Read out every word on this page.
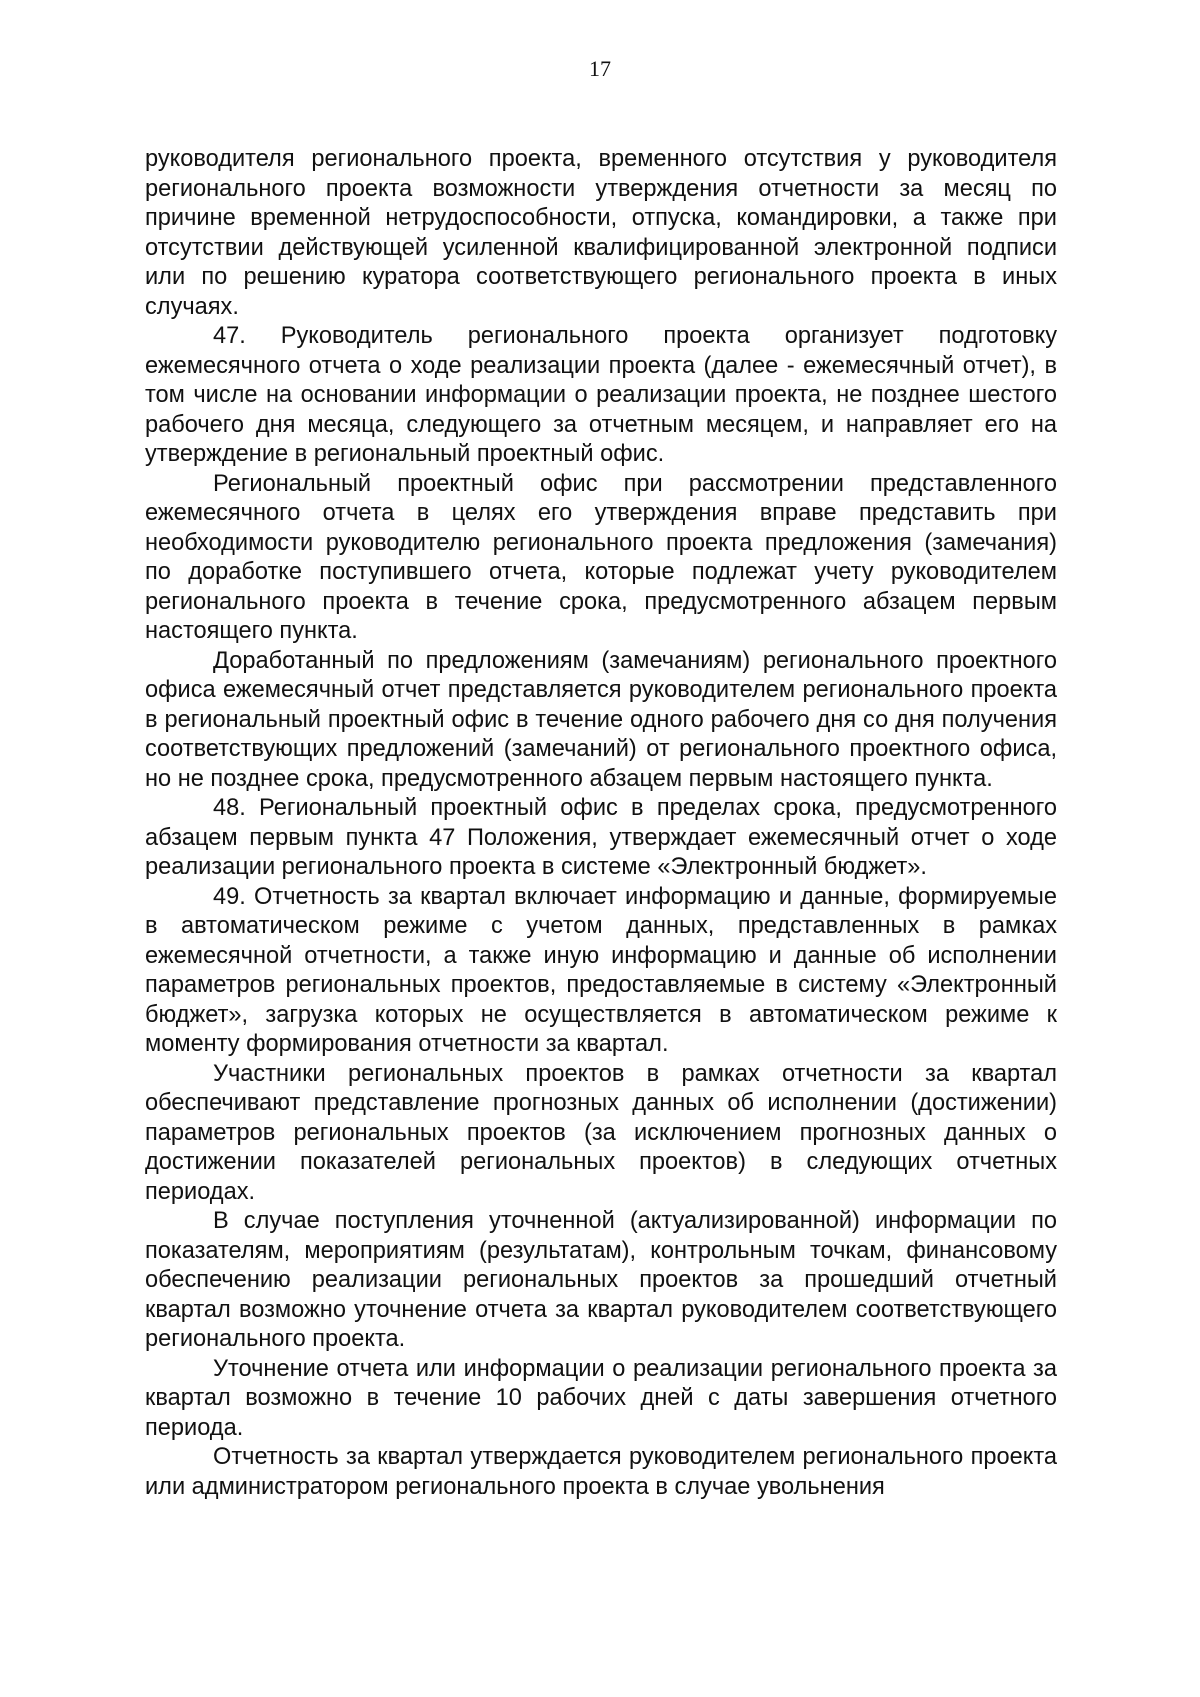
17

руководителя регионального проекта, временного отсутствия у руководителя регионального проекта возможности утверждения отчетности за месяц по причине временной нетрудоспособности, отпуска, командировки, а также при отсутствии действующей усиленной квалифицированной электронной подписи или по решению куратора соответствующего регионального проекта в иных случаях.

47. Руководитель регионального проекта организует подготовку ежемесячного отчета о ходе реализации проекта (далее - ежемесячный отчет), в том числе на основании информации о реализации проекта, не позднее шестого рабочего дня месяца, следующего за отчетным месяцем, и направляет его на утверждение в региональный проектный офис.

Региональный проектный офис при рассмотрении представленного ежемесячного отчета в целях его утверждения вправе представить при необходимости руководителю регионального проекта предложения (замечания) по доработке поступившего отчета, которые подлежат учету руководителем регионального проекта в течение срока, предусмотренного абзацем первым настоящего пункта.

Доработанный по предложениям (замечаниям) регионального проектного офиса ежемесячный отчет представляется руководителем регионального проекта в региональный проектный офис в течение одного рабочего дня со дня получения соответствующих предложений (замечаний) от регионального проектного офиса, но не позднее срока, предусмотренного абзацем первым настоящего пункта.

48. Региональный проектный офис в пределах срока, предусмотренного абзацем первым пункта 47 Положения, утверждает ежемесячный отчет о ходе реализации регионального проекта в системе «Электронный бюджет».

49. Отчетность за квартал включает информацию и данные, формируемые в автоматическом режиме с учетом данных, представленных в рамках ежемесячной отчетности, а также иную информацию и данные об исполнении параметров региональных проектов, предоставляемые в систему «Электронный бюджет», загрузка которых не осуществляется в автоматическом режиме к моменту формирования отчетности за квартал.

Участники региональных проектов в рамках отчетности за квартал обеспечивают представление прогнозных данных об исполнении (достижении) параметров региональных проектов (за исключением прогнозных данных о достижении показателей региональных проектов) в следующих отчетных периодах.

В случае поступления уточненной (актуализированной) информации по показателям, мероприятиям (результатам), контрольным точкам, финансовому обеспечению реализации региональных проектов за прошедший отчетный квартал возможно уточнение отчета за квартал руководителем соответствующего регионального проекта.

Уточнение отчета или информации о реализации регионального проекта за квартал возможно в течение 10 рабочих дней с даты завершения отчетного периода.

Отчетность за квартал утверждается руководителем регионального проекта или администратором регионального проекта в случае увольнения
